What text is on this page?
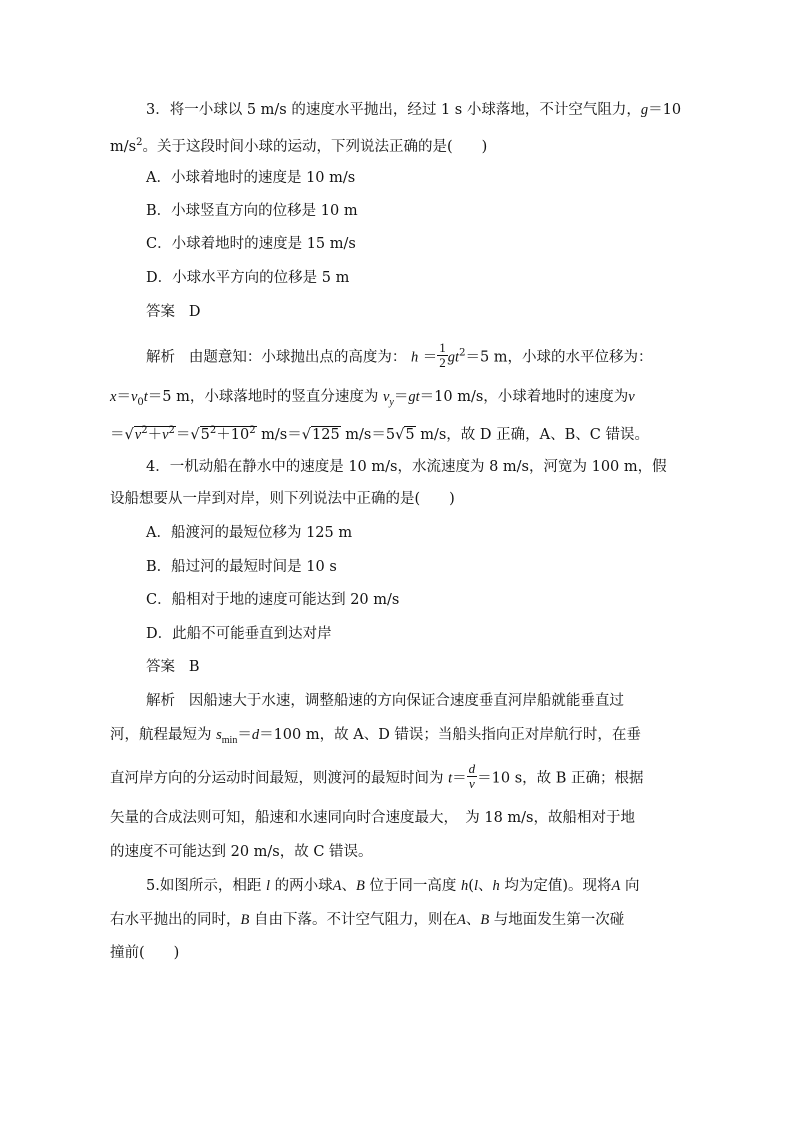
3．将一小球以 5 m/s 的速度水平抛出，经过 1 s 小球落地，不计空气阻力，g＝10
$m/s^2$。关于这段时间小球的运动，下列说法正确的是(　　)
A．小球着地时的速度是 10 m/s
B．小球竖直方向的位移是 10 m
C．小球着地时的速度是 15 m/s
D．小球水平方向的位移是 5 m
答案 D
解析 由题意知：小球抛出点的高度为： $h = \frac{1}{2} gt^2=5$ m，小球的水平位移为：
$x=v_0t=5$ m，小球落地时的竖直分速度为 $v_y=gt=10$ m/s，小球着地时的速度为v
$=√v^2+v^2=√5^2+10^2$ m/s＝√125 m/s＝5√5 m/s，故 D 正确，A、B、C 错误。
4．一机动船在静水中的速度是 10 m/s，水流速度为 8 m/s，河宽为 100 m，假
设船想要从一岸到对岸，则下列说法中正确的是(　　)
A．船渡河的最短位移为 125 m
B．船过河的最短时间是 10 s
C．船相对于地的速度可能达到 20 m/s
D．此船不可能垂直到达对岸
答案 B
解析 因船速大于水速，调整船速的方向保证合速度垂直河岸船就能垂直过
河，航程最短为 $s_{min}=d=100$ m，故 A、D 错误；当船头指向正对岸航行时，在垂
直河岸方向的分运动时间最短，则渡河的最短时间为 $t= \frac{d}{v} =10$ s，故 B 正确；根据
矢量的合成法则可知，船速和水速同向时合速度最大，　为 18 m/s，故船相对于地
的速度不可能达到 20 m/s，故 C 错误。
5.如图所示，相距 l 的两小球A、B 位于同一高度 h(l、h 均为定值)。现将A 向
右水平抛出的同时，B 自由下落。不计空气阻力，则在A、B 与地面发生第一次碰
撞前(　　)
